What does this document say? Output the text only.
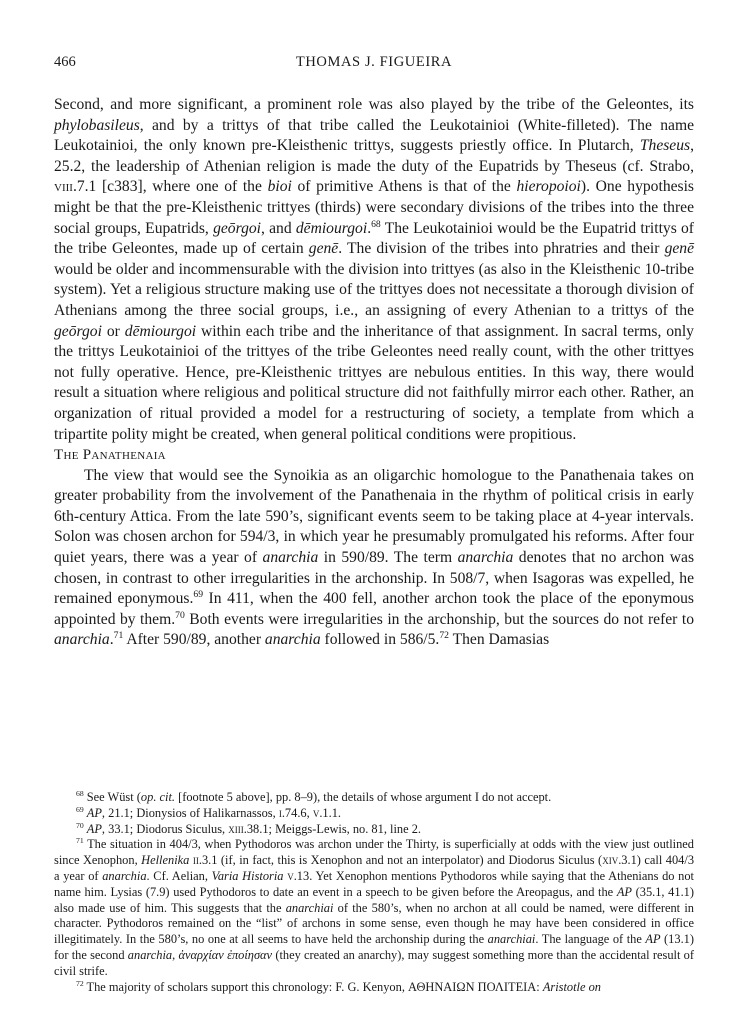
466	THOMAS J. FIGUEIRA

Second, and more significant, a prominent role was also played by the tribe of the Geleontes, its phylobasileus, and by a trittys of that tribe called the Leukotainioi (White-filleted). The name Leukotainioi, the only known pre-Kleisthenic trittys, suggests priestly office. In Plutarch, Theseus, 25.2, the leadership of Athenian religion is made the duty of the Eupatrids by Theseus (cf. Strabo, viii.7.1 [c383], where one of the bioi of primitive Athens is that of the hieropoioi). One hypothesis might be that the pre-Kleisthenic trittyes (thirds) were secondary divisions of the tribes into the three social groups, Eupatrids, geōrgoi, and dēmiourgoi.$^{68}$ The Leukotainioi would be the Eupatrid trittys of the tribe Geleontes, made up of certain genē. The division of the tribes into phratries and their genē would be older and incommensurable with the division into trittyes (as also in the Kleisthenic 10-tribe system). Yet a religious structure making use of the trittyes does not necessitate a thorough division of Athenians among the three social groups, i.e., an assigning of every Athenian to a trittys of the geōrgoi or dēmiourgoi within each tribe and the inheritance of that assignment. In sacral terms, only the trittys Leukotainioi of the trittyes of the tribe Geleontes need really count, with the other trittyes not fully operative. Hence, pre-Kleisthenic trittyes are nebulous entities. In this way, there would result a situation where religious and political structure did not faithfully mirror each other. Rather, an organization of ritual provided a model for a restructuring of society, a template from which a tripartite polity might be created, when general political conditions were propitious.

The Panathenaia

The view that would see the Synoikia as an oligarchic homologue to the Panathenaia takes on greater probability from the involvement of the Panathenaia in the rhythm of political crisis in early 6th-century Attica. From the late 590’s, significant events seem to be taking place at 4-year intervals. Solon was chosen archon for 594/3, in which year he presumably promulgated his reforms. After four quiet years, there was a year of anarchia in 590/89. The term anarchia denotes that no archon was chosen, in contrast to other irregularities in the archonship. In 508/7, when Isagoras was expelled, he remained eponymous.$^{69}$ In 411, when the 400 fell, another archon took the place of the eponymous appointed by them.$^{70}$ Both events were irregularities in the archonship, but the sources do not refer to anarchia.$^{71}$ After 590/89, another anarchia followed in 586/5.72 Then Damasias

$^{68}$ See Wüst (op. cit. [footnote 5 above], pp. 8–9), the details of whose argument I do not accept.

$^{69}$ AP, 21.1; Dionysios of Halikarnassos, i.74.6, v.1.1.

$^{70}$ AP, 33.1; Diodorus Siculus, xiii.38.1; Meiggs-Lewis, no. 81, line 2.

$^{71}$ The situation in 404/3, when Pythodoros was archon under the Thirty, is superficially at odds with the view just outlined since Xenophon, Hellenika ii.3.1 (if, in fact, this is Xenophon and not an interpolator) and Diodorus Siculus (xiv.3.1) call 404/3 a year of anarchia. Cf. Aelian, Varia Historia v.13. Yet Xenophon mentions Pythodoros while saying that the Athenians do not name him. Lysias (7.9) used Pythodoros to date an event in a speech to be given before the Areopagus, and the AP (35.1, 41.1) also made use of him. This suggests that the anarchiai of the 580’s, when no archon at all could be named, were different in character. Pythodoros remained on the “list” of archons in some sense, even though he may have been considered in office illegitimately. In the 580’s, no one at all seems to have held the archonship during the anarchiai. The language of the AP (13.1) for the second anarchia, ἀναρχίαν ἐποίησαν (they created an anarchy), may suggest something more than the accidental result of civil strife.

$^{72}$ The majority of scholars support this chronology: F. G. Kenyon, ΑΘΗΝΑΙΩΝ ΠΟΛΙΤΕΙΑ: Aristotle on
